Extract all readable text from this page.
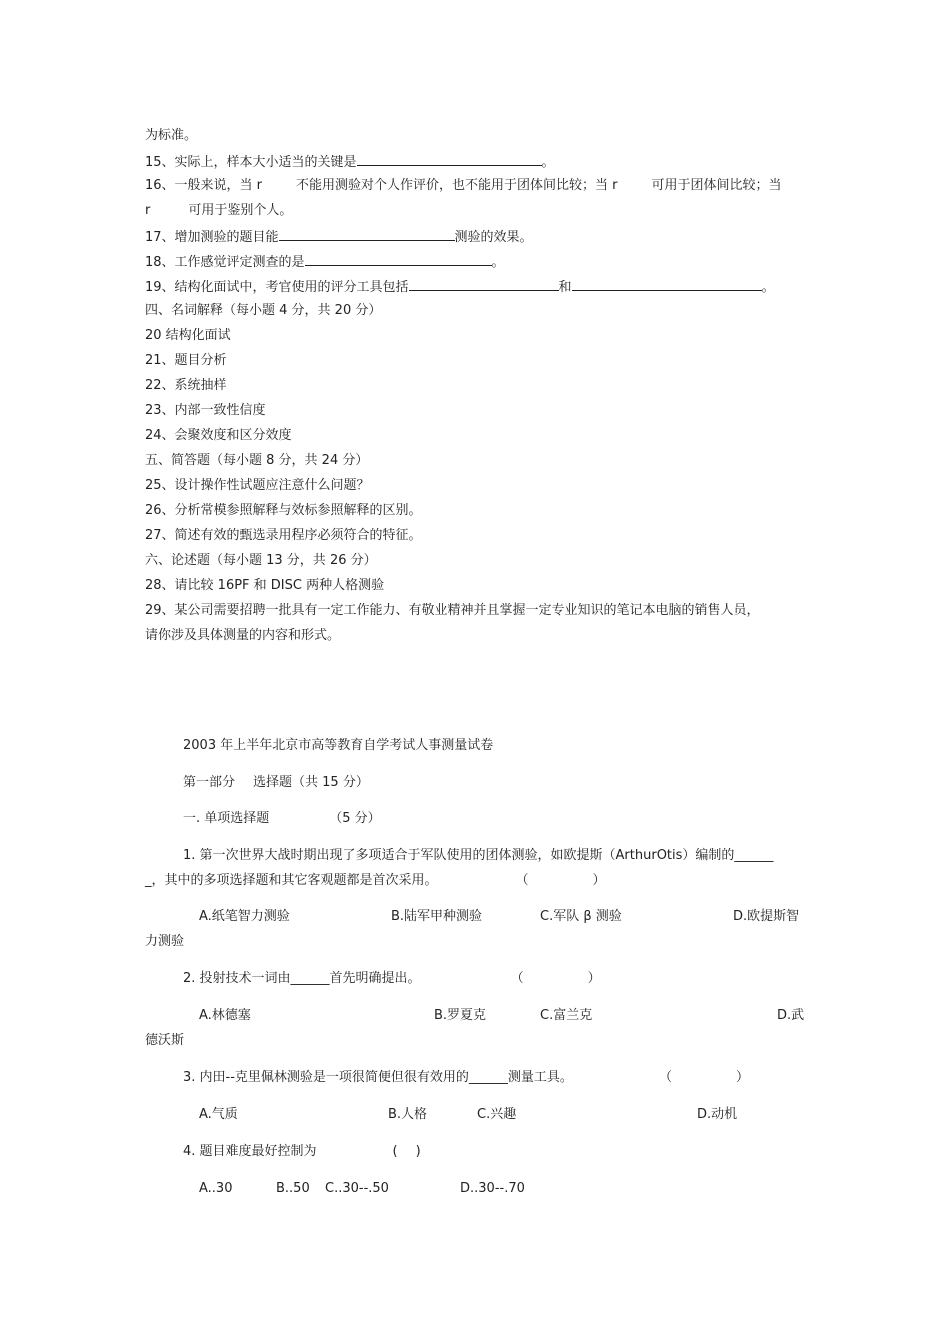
为标准。
15、实际上，样本大小适当的关键是	。
16、一般来说，当 r	不能用测验对个人作评价，也不能用于团体间比较；当 r	可用于团体间比较；当
r	可用于鉴别个人。
17、增加测验的题目能	测验的效果。
18、工作感觉评定测查的是	。
19、结构化面试中，考官使用的评分工具包括	和	。
四、名词解释（每小题 4 分，共 20 分）
20 结构化面试
21、题目分析
22、系统抽样
23、内部一致性信度
24、会聚效度和区分效度
五、简答题（每小题 8 分，共 24 分）
25、设计操作性试题应注意什么问题？
26、分析常模参照解释与效标参照解释的区别。
27、简述有效的甄选录用程序必须符合的特征。
六、论述题（每小题 13 分，共 26 分）
28、请比较 16PF 和 DISC 两种人格测验
29、某公司需要招聘一批具有一定工作能力、有敬业精神并且掌握一定专业知识的笔记本电脑的销售人员，
请你涉及具体测量的内容和形式。
2003 年上半年北京市高等教育自学考试人事测量试卷
第一部分 选择题（共 15 分）
一. 单项选择题	（5 分）
1. 第一次世界大战时期出现了多项适合于军队使用的团体测验，如欧提斯（ArthurOtis）编制的______
_，其中的多项选择题和其它客观题都是首次采用。	（	）
A.纸笔智力测验	B.陆军甲种测验	C.军队 β 测验	D.欧提斯智
力测验
2. 投射技术一词由______首先明确提出。	（	）
A.林德塞	B.罗夏克	C.富兰克	D.武
德沃斯
3. 内田--克里佩林测验是一项很简便但很有效用的______测量工具。	（	）
A.气质	B.人格	C.兴趣	D.动机
4. 题目难度最好控制为	( )
A..30	B..50 C..30--.50	D..30--.70
